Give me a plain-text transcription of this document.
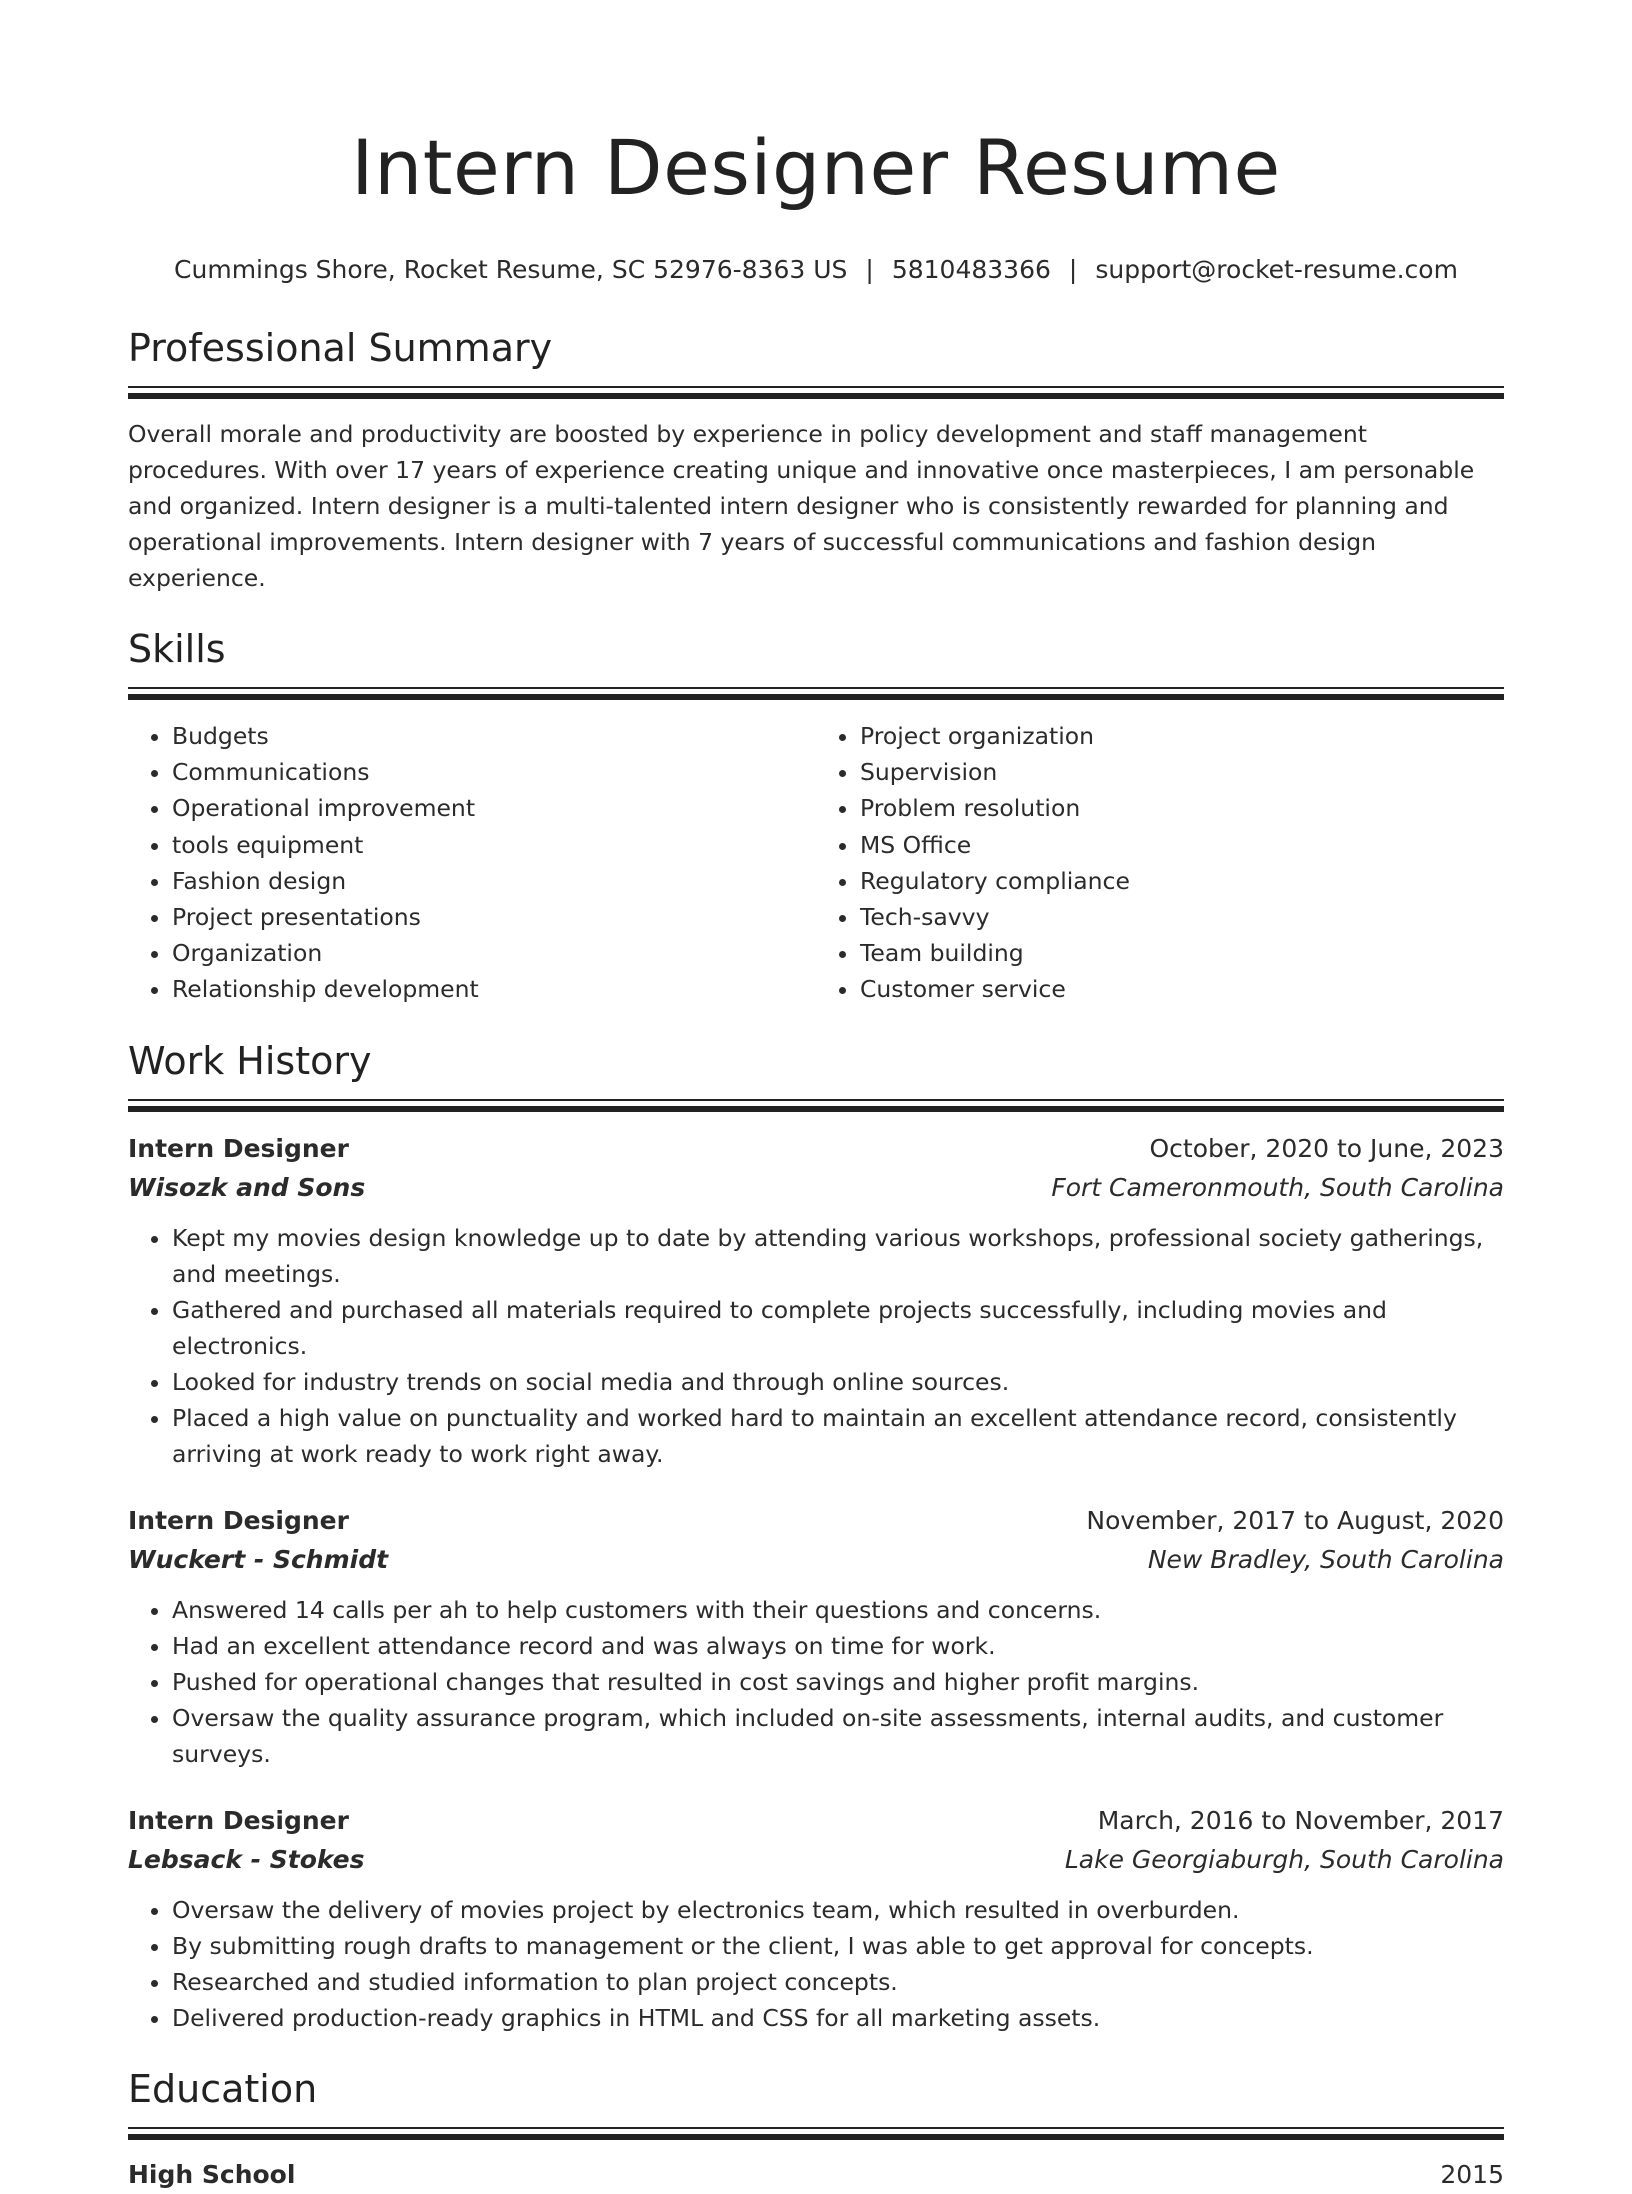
Intern Designer Resume
Cummings Shore, Rocket Resume, SC 52976-8363 US | 5810483366 | support@rocket-resume.com
Professional Summary

Overall morale and productivity are boosted by experience in policy development and staff management procedures. With over 17 years of experience creating unique and innovative once masterpieces, I am personable and organized. Intern designer is a multi-talented intern designer who is consistently rewarded for planning and operational improvements. Intern designer with 7 years of successful communications and fashion design experience.

Skills
• Budgets
• Communications
• Operational improvement
• tools equipment
• Fashion design
• Project presentations
• Organization
• Relationship development
• Project organization
• Supervision
• Problem resolution
• MS Office
• Regulatory compliance
• Tech-savvy
• Team building
• Customer service
Work History
Intern Designer	October, 2020 to June, 2023
Wisozk and Sons	Fort Cameronmouth, South Carolina
• Kept my movies design knowledge up to date by attending various workshops, professional society gatherings, and meetings.
• Gathered and purchased all materials required to complete projects successfully, including movies and electronics.
• Looked for industry trends on social media and through online sources.
• Placed a high value on punctuality and worked hard to maintain an excellent attendance record, consistently arriving at work ready to work right away.
Intern Designer	November, 2017 to August, 2020
Wuckert - Schmidt	New Bradley, South Carolina
• Answered 14 calls per ah to help customers with their questions and concerns.
• Had an excellent attendance record and was always on time for work.
• Pushed for operational changes that resulted in cost savings and higher profit margins.
• Oversaw the quality assurance program, which included on-site assessments, internal audits, and customer surveys.
Intern Designer	March, 2016 to November, 2017
Lebsack - Stokes	Lake Georgiaburgh, South Carolina
• Oversaw the delivery of movies project by electronics team, which resulted in overburden.
• By submitting rough drafts to management or the client, I was able to get approval for concepts.
• Researched and studied information to plan project concepts.
• Delivered production-ready graphics in HTML and CSS for all marketing assets.
Education
High School	2015
